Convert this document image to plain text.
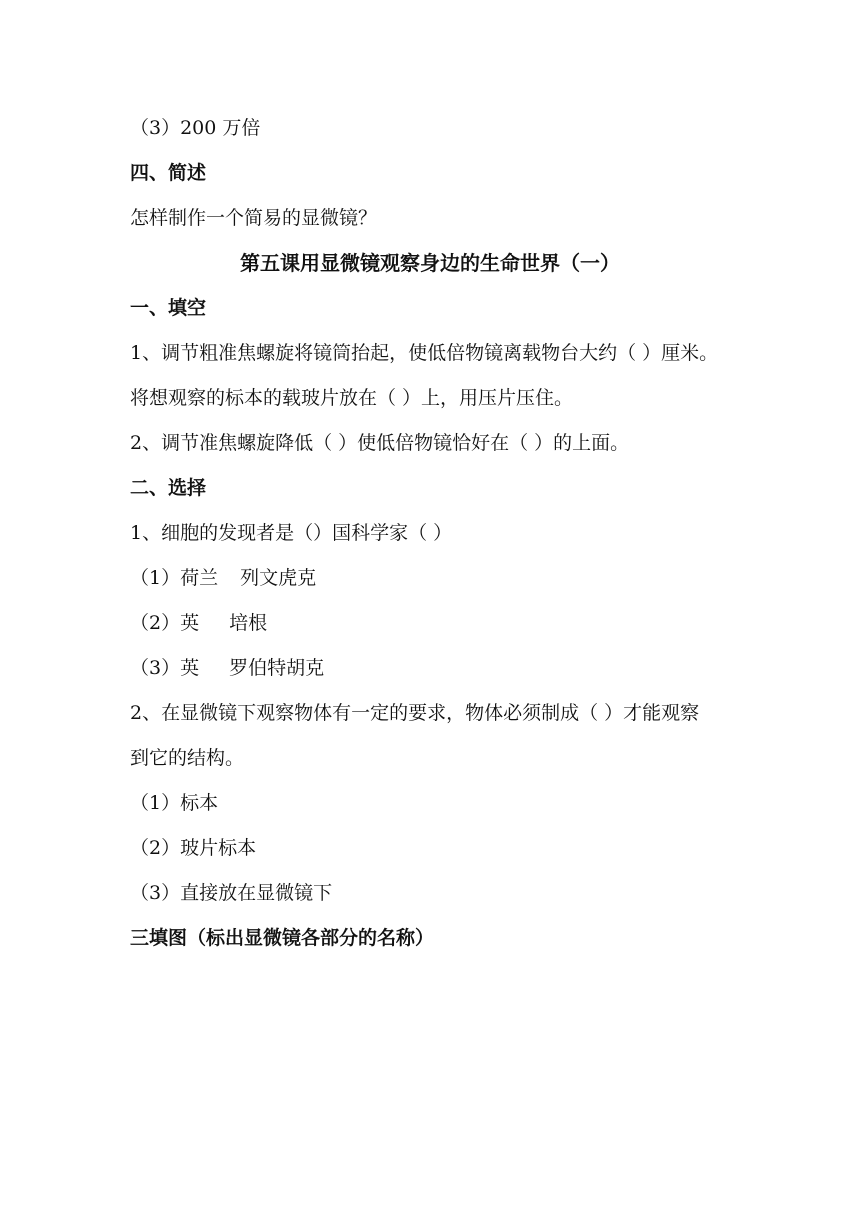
（3）200 万倍
四、简述
怎样制作一个简易的显微镜？
第五课用显微镜观察身边的生命世界（一）
一、填空
1、调节粗准焦螺旋将镜筒抬起，使低倍物镜离载物台大约（ ）厘米。
将想观察的标本的载玻片放在（ ）上，用压片压住。
2、调节准焦螺旋降低（ ）使低倍物镜恰好在（ ）的上面。
二、选择
1、细胞的发现者是（）国科学家（ ）
（1）荷兰 列文虎克
（2）英 培根
（3）英 罗伯特胡克
2、在显微镜下观察物体有一定的要求，物体必须制成（ ）才能观察
到它的结构。
（1）标本
（2）玻片标本
（3）直接放在显微镜下
三填图（标出显微镜各部分的名称）
